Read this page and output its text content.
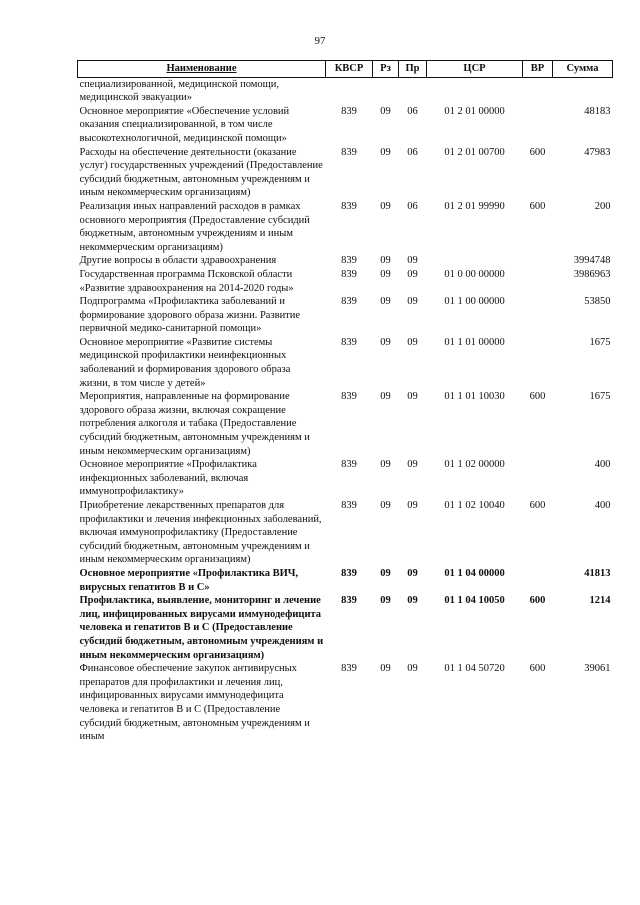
97
Наименование	КВСР	Рз	Пр	ЦСР	ВР	Сумма
специализированной, медицинской помощи, медицинской эвакуации»						
Основное мероприятие «Обеспечение условий оказания специализированной, в том числе высокотехнологичной, медицинской помощи»	839	09	06	01 2 01 00000		48183
Расходы на обеспечение деятельности (оказание услуг) государственных учреждений (Предоставление субсидий бюджетным, автономным учреждениям и иным некоммерческим организациям)	839	09	06	01 2 01 00700	600	47983
Реализация иных направлений расходов в рамках основного мероприятия (Предоставление субсидий бюджетным, автономным учреждениям и иным некоммерческим организациям)	839	09	06	01 2 01 99990	600	200
Другие вопросы в области здравоохранения	839	09	09			3994748
Государственная программа Псковской области «Развитие здравоохранения на 2014-2020 годы»	839	09	09	01 0 00 00000		3986963
Подпрограмма «Профилактика заболеваний и формирование здорового образа жизни. Развитие первичной медико-санитарной помощи»	839	09	09	01 1 00 00000		53850
Основное мероприятие «Развитие системы медицинской профилактики неинфекционных заболеваний и формирования здорового образа жизни, в том числе у детей»	839	09	09	01 1 01 00000		1675
Мероприятия, направленные на формирование здорового образа жизни, включая сокращение потребления алкоголя и табака (Предоставление субсидий бюджетным, автономным учреждениям и иным некоммерческим организациям)	839	09	09	01 1 01 10030	600	1675
Основное мероприятие «Профилактика инфекционных заболеваний, включая иммунопрофилактику»	839	09	09	01 1 02 00000		400
Приобретение лекарственных препаратов для профилактики и лечения инфекционных заболеваний, включая иммунопрофилактику (Предоставление субсидий бюджетным, автономным учреждениям и иным некоммерческим организациям)	839	09	09	01 1 02 10040	600	400
Основное мероприятие «Профилактика ВИЧ, вирусных гепатитов В и С»	839	09	09	01 1 04 00000		41813
Профилактика, выявление, мониторинг и лечение лиц, инфицированных вирусами иммунодефицита человека и гепатитов В и С (Предоставление субсидий бюджетным, автономным учреждениям и иным некоммерческим организациям)	839	09	09	01 1 04 10050	600	1214
Финансовое обеспечение закупок антивирусных препаратов для профилактики и лечения лиц, инфицированных вирусами иммунодефицита человека и гепатитов В и С (Предоставление субсидий бюджетным, автономным учреждениям и иным	839	09	09	01 1 04 50720	600	39061
